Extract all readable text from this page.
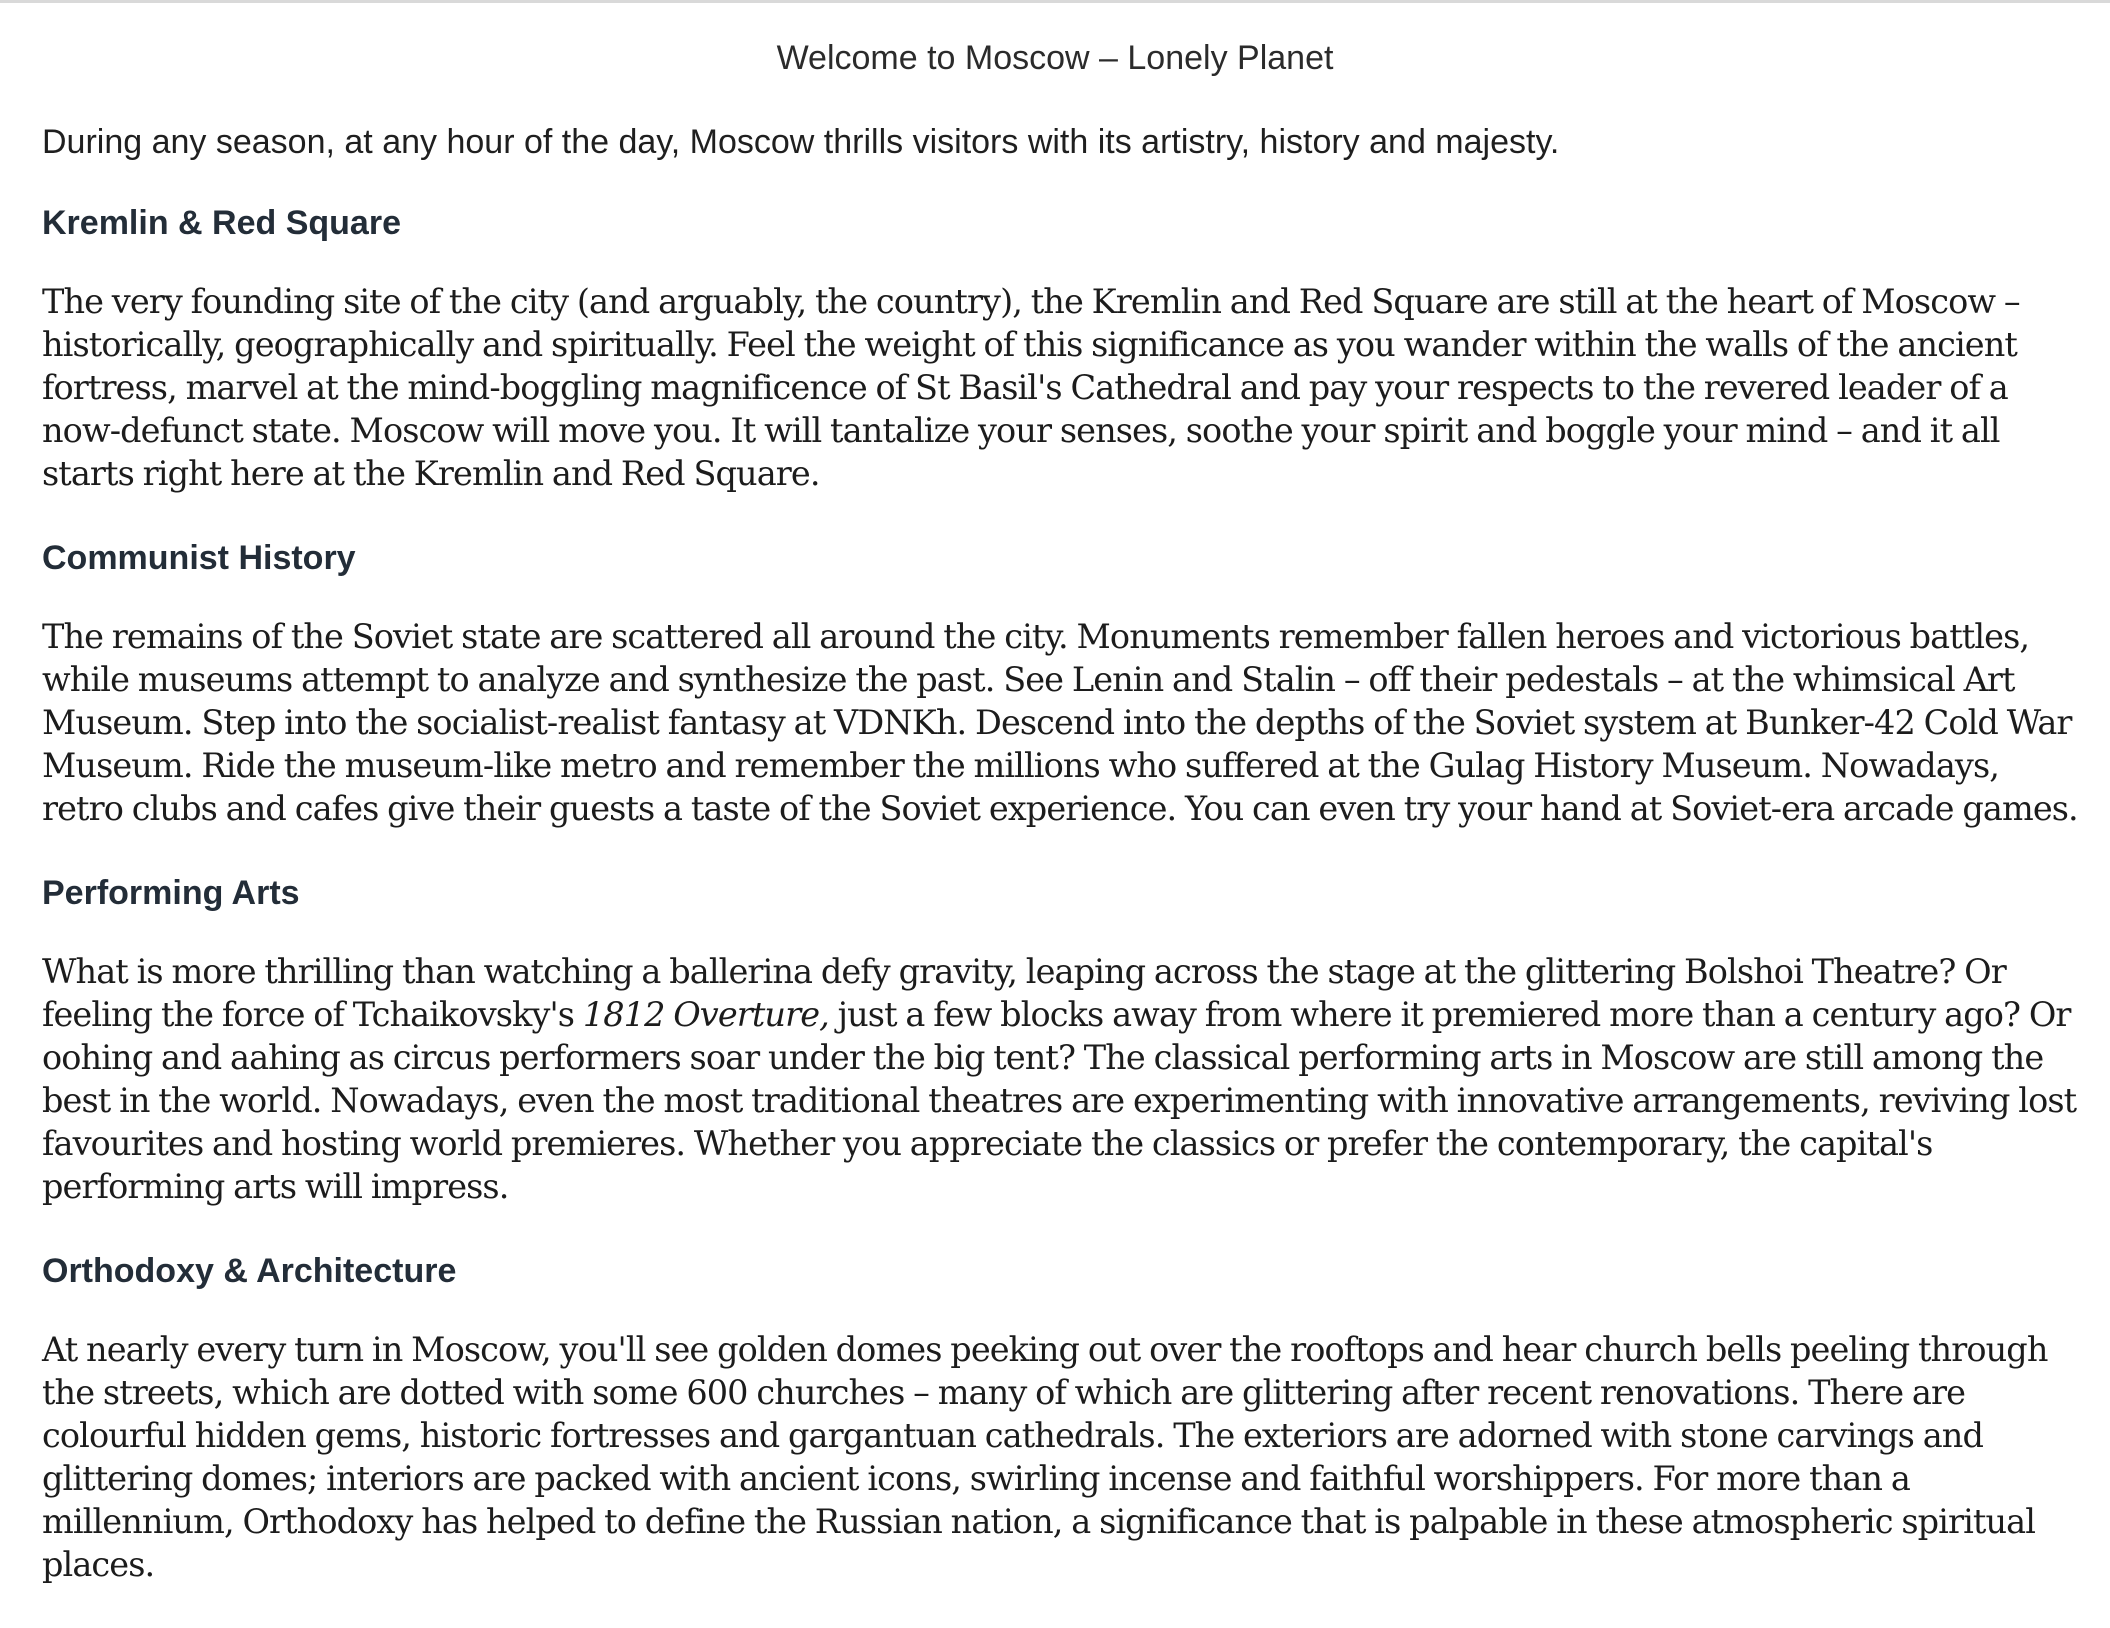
Welcome to Moscow – Lonely Planet

During any season, at any hour of the day, Moscow thrills visitors with its artistry, history and majesty.

Kremlin & Red Square

The very founding site of the city (and arguably, the country), the Kremlin and Red Square are still at the heart of Moscow – historically, geographically and spiritually. Feel the weight of this significance as you wander within the walls of the ancient fortress, marvel at the mind-boggling magnificence of St Basil's Cathedral and pay your respects to the revered leader of a now-defunct state. Moscow will move you. It will tantalize your senses, soothe your spirit and boggle your mind – and it all starts right here at the Kremlin and Red Square.

Communist History

The remains of the Soviet state are scattered all around the city. Monuments remember fallen heroes and victorious battles, while museums attempt to analyze and synthesize the past. See Lenin and Stalin – off their pedestals – at the whimsical Art Museum. Step into the socialist-realist fantasy at VDNKh. Descend into the depths of the Soviet system at Bunker-42 Cold War Museum. Ride the museum-like metro and remember the millions who suffered at the Gulag History Museum. Nowadays, retro clubs and cafes give their guests a taste of the Soviet experience. You can even try your hand at Soviet-era arcade games.

Performing Arts

What is more thrilling than watching a ballerina defy gravity, leaping across the stage at the glittering Bolshoi Theatre? Or feeling the force of Tchaikovsky's 1812 Overture, just a few blocks away from where it premiered more than a century ago? Or oohing and aahing as circus performers soar under the big tent? The classical performing arts in Moscow are still among the best in the world. Nowadays, even the most traditional theatres are experimenting with innovative arrangements, reviving lost favourites and hosting world premieres. Whether you appreciate the classics or prefer the contemporary, the capital's performing arts will impress.

Orthodoxy & Architecture

At nearly every turn in Moscow, you'll see golden domes peeking out over the rooftops and hear church bells peeling through the streets, which are dotted with some 600 churches – many of which are glittering after recent renovations. There are colourful hidden gems, historic fortresses and gargantuan cathedrals. The exteriors are adorned with stone carvings and glittering domes; interiors are packed with ancient icons, swirling incense and faithful worshippers. For more than a millennium, Orthodoxy has helped to define the Russian nation, a significance that is palpable in these atmospheric spiritual places.
